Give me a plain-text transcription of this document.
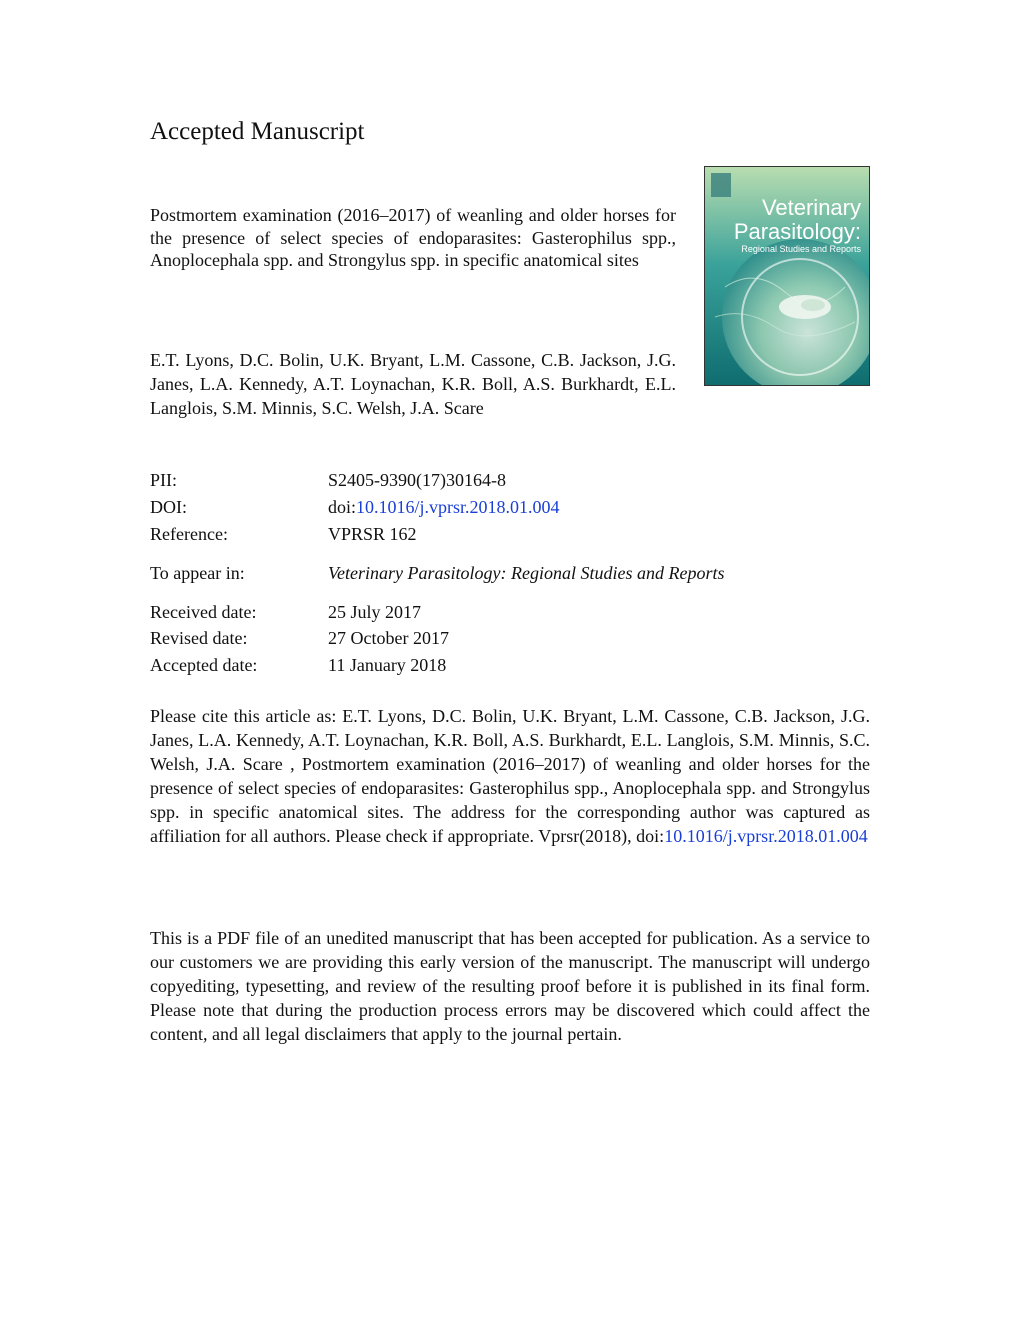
Accepted Manuscript
Postmortem examination (2016–2017) of weanling and older horses for the presence of select species of endoparasites: Gasterophilus spp., Anoplocephala spp. and Strongylus spp. in specific anatomical sites
E.T. Lyons, D.C. Bolin, U.K. Bryant, L.M. Cassone, C.B. Jackson, J.G. Janes, L.A. Kennedy, A.T. Loynachan, K.R. Boll, A.S. Burkhardt, E.L. Langlois, S.M. Minnis, S.C. Welsh, J.A. Scare
Veterinary
Parasitology:
Regional Studies and Reports
PII:	S2405-9390(17)30164-8
DOI:	doi:10.1016/j.vprsr.2018.01.004
Reference:	VPRSR 162
To appear in:	Veterinary Parasitology: Regional Studies and Reports
Received date:	25 July 2017
Revised date:	27 October 2017
Accepted date:	11 January 2018
Please cite this article as: E.T. Lyons, D.C. Bolin, U.K. Bryant, L.M. Cassone, C.B. Jackson, J.G. Janes, L.A. Kennedy, A.T. Loynachan, K.R. Boll, A.S. Burkhardt, E.L. Langlois, S.M. Minnis, S.C. Welsh, J.A. Scare , Postmortem examination (2016–2017) of weanling and older horses for the presence of select species of endoparasites: Gasterophilus spp., Anoplocephala spp. and Strongylus spp. in specific anatomical sites. The address for the corresponding author was captured as affiliation for all authors. Please check if appropriate. Vprsr(2018), doi:10.1016/j.vprsr.2018.01.004
This is a PDF file of an unedited manuscript that has been accepted for publication. As a service to our customers we are providing this early version of the manuscript. The manuscript will undergo copyediting, typesetting, and review of the resulting proof before it is published in its final form. Please note that during the production process errors may be discovered which could affect the content, and all legal disclaimers that apply to the journal pertain.
